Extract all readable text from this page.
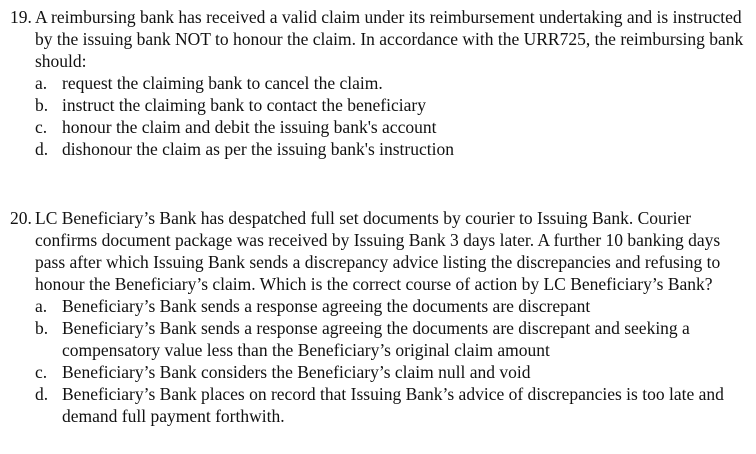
19. A reimbursing bank has received a valid claim under its reimbursement undertaking and is instructed by the issuing bank NOT to honour the claim. In accordance with the URR725, the reimbursing bank should:
a. request the claiming bank to cancel the claim.
b. instruct the claiming bank to contact the beneficiary
c. honour the claim and debit the issuing bank's account
d. dishonour the claim as per the issuing bank's instruction
20. LC Beneficiary’s Bank has despatched full set documents by courier to Issuing Bank. Courier confirms document package was received by Issuing Bank 3 days later. A further 10 banking days pass after which Issuing Bank sends a discrepancy advice listing the discrepancies and refusing to honour the Beneficiary’s claim. Which is the correct course of action by LC Beneficiary’s Bank?
a. Beneficiary’s Bank sends a response agreeing the documents are discrepant
b. Beneficiary’s Bank sends a response agreeing the documents are discrepant and seeking a compensatory value less than the Beneficiary’s original claim amount
c. Beneficiary’s Bank considers the Beneficiary’s claim null and void
d. Beneficiary’s Bank places on record that Issuing Bank’s advice of discrepancies is too late and demand full payment forthwith.
